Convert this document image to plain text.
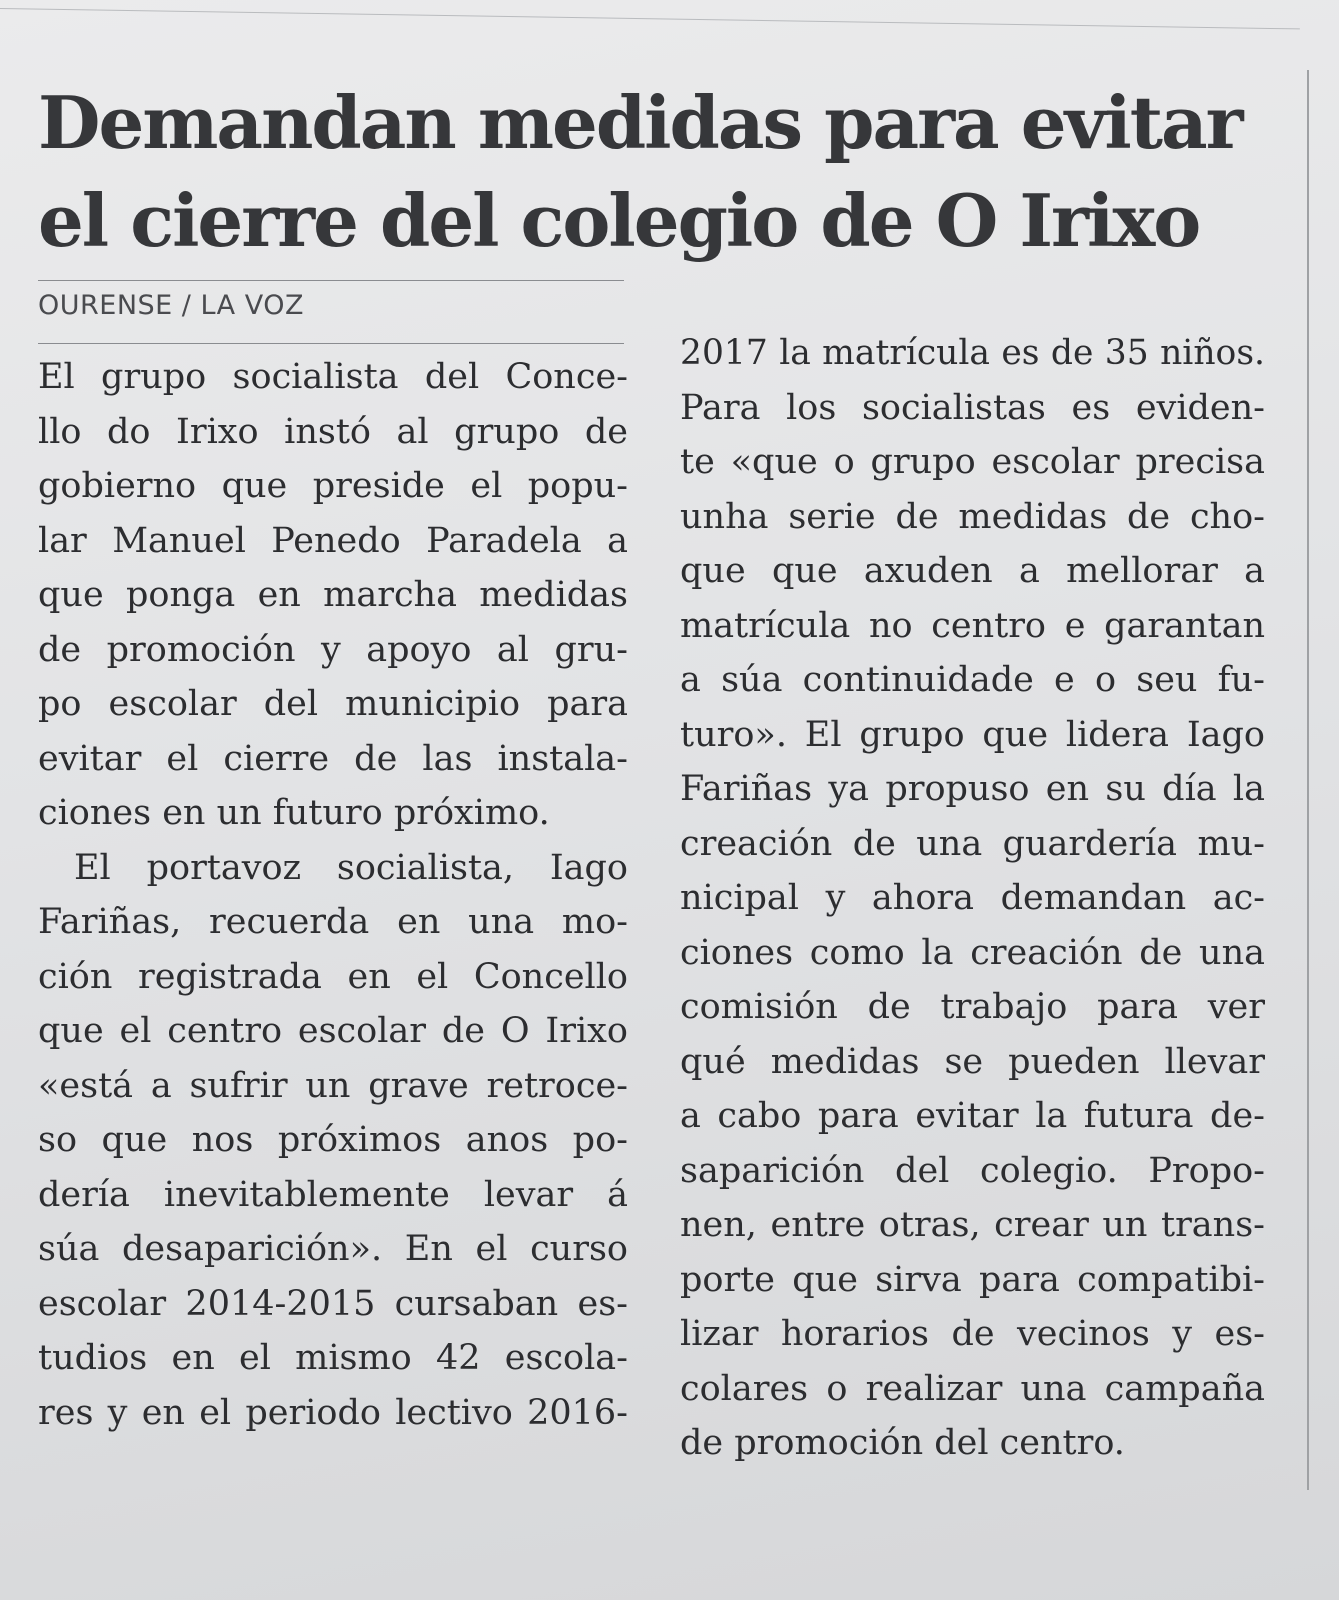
Demandan medidas para evitar
el cierre del colegio de O Irixo

OURENSE / LA VOZ

El grupo socialista del Conce-
llo do Irixo instó al grupo de
gobierno que preside el popu-
lar Manuel Penedo Paradela a
que ponga en marcha medidas
de promoción y apoyo al gru-
po escolar del municipio para
evitar el cierre de las instala-
ciones en un futuro próximo.
El portavoz socialista, Iago
Fariñas, recuerda en una mo-
ción registrada en el Concello
que el centro escolar de O Irixo
«está a sufrir un grave retroce-
so que nos próximos anos po-
dería inevitablemente levar á
súa desaparición». En el curso
escolar 2014-2015 cursaban es-
tudios en el mismo 42 escola-
res y en el periodo lectivo 2016-
2017 la matrícula es de 35 niños.
Para los socialistas es eviden-
te «que o grupo escolar precisa
unha serie de medidas de cho-
que que axuden a mellorar a
matrícula no centro e garantan
a súa continuidade e o seu fu-
turo». El grupo que lidera Iago
Fariñas ya propuso en su día la
creación de una guardería mu-
nicipal y ahora demandan ac-
ciones como la creación de una
comisión de trabajo para ver
qué medidas se pueden llevar
a cabo para evitar la futura de-
saparición del colegio. Propo-
nen, entre otras, crear un trans-
porte que sirva para compatibi-
lizar horarios de vecinos y es-
colares o realizar una campaña
de promoción del centro.
